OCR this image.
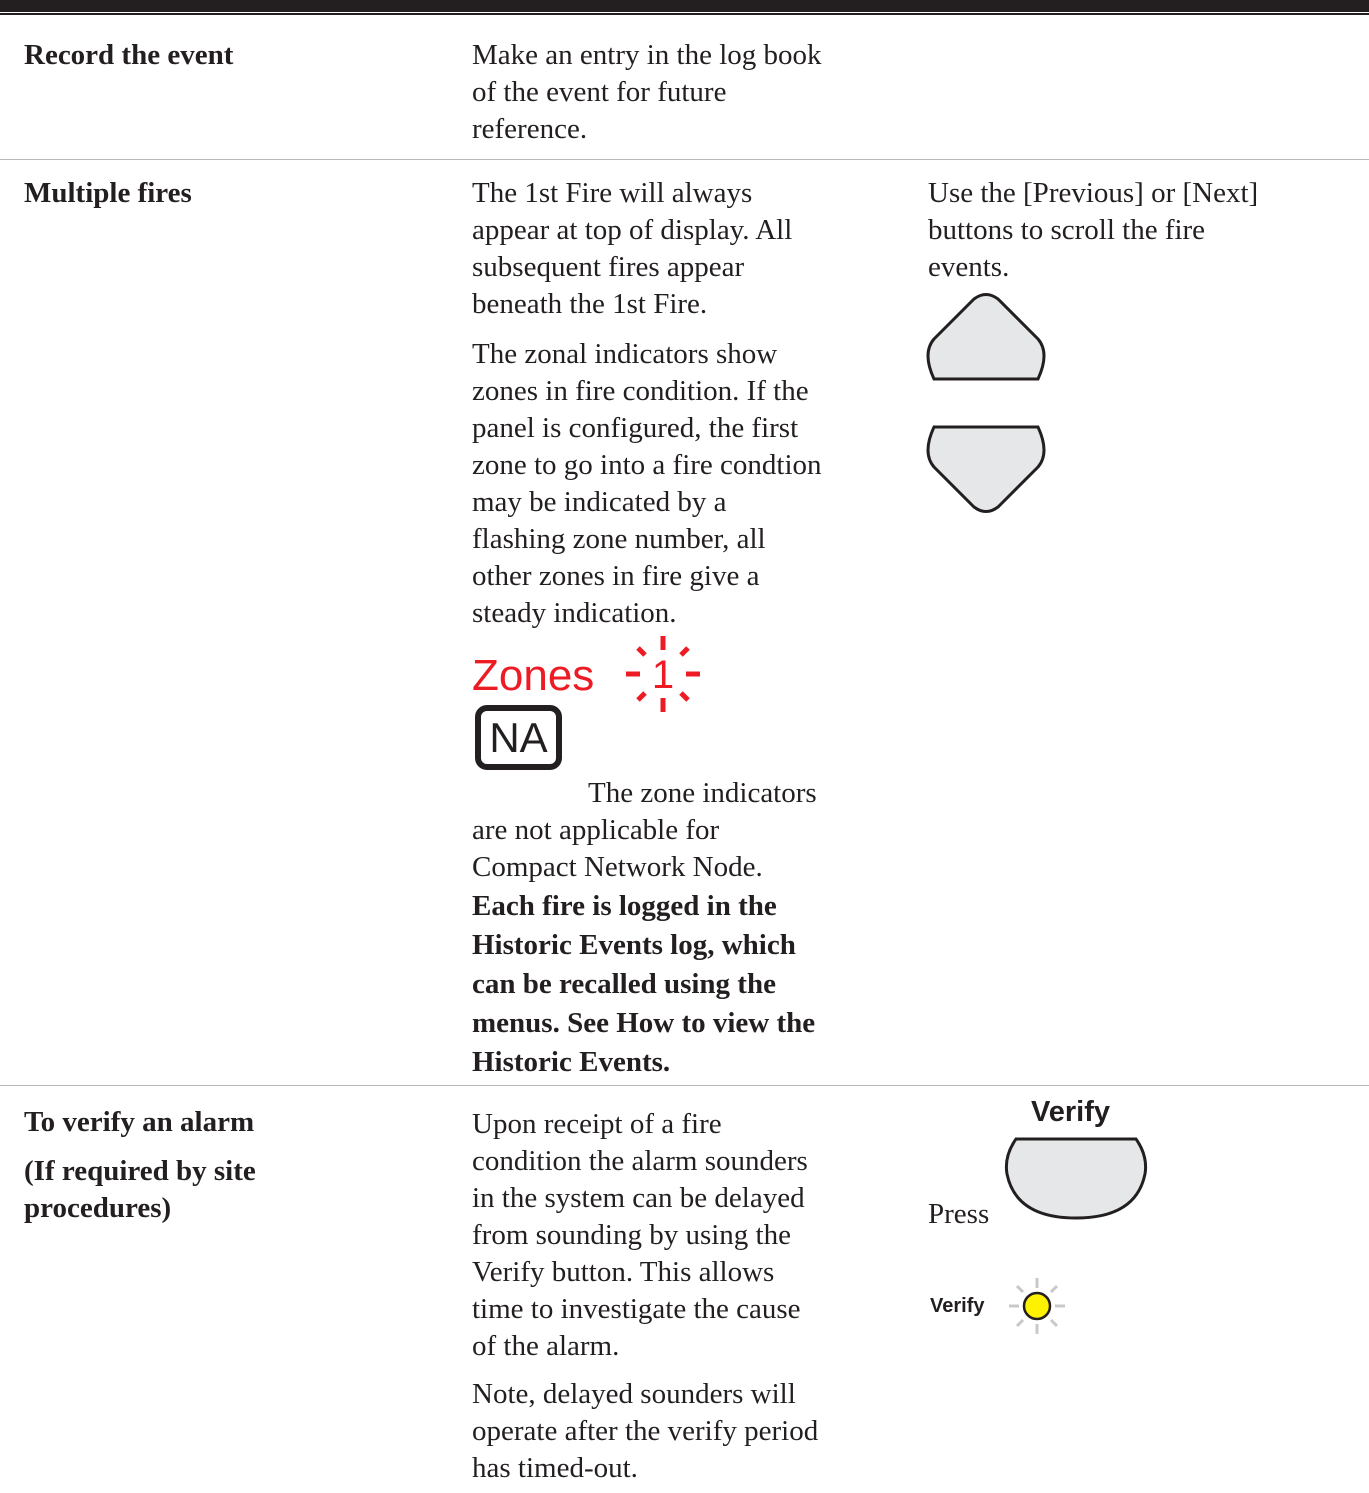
Record the event	Make an entry in the log book
of the event for future
reference.
Multiple fires	The 1st Fire will always
appear at top of display. All
subsequent fires appear
beneath the 1st Fire.
The zonal indicators show
zones in fire condition. If the
panel is configured, the first
zone to go into a fire condtion
may be indicated by a
flashing zone number, all
other zones in fire give a
steady indication.
Zones 1
NA
The zone indicators
are not applicable for
Compact Network Node.
Each fire is logged in the
Historic Events log, which
can be recalled using the
menus. See How to view the
Historic Events.
Use the [Previous] or [Next]
buttons to scroll the fire
events.
To verify an alarm
(If required by site
procedures)
Upon receipt of a fire
condition the alarm sounders
in the system can be delayed
from sounding by using the
Verify button. This allows
time to investigate the cause
of the alarm.
Note, delayed sounders will
operate after the verify period
has timed-out.
Verify
Press
Verify
